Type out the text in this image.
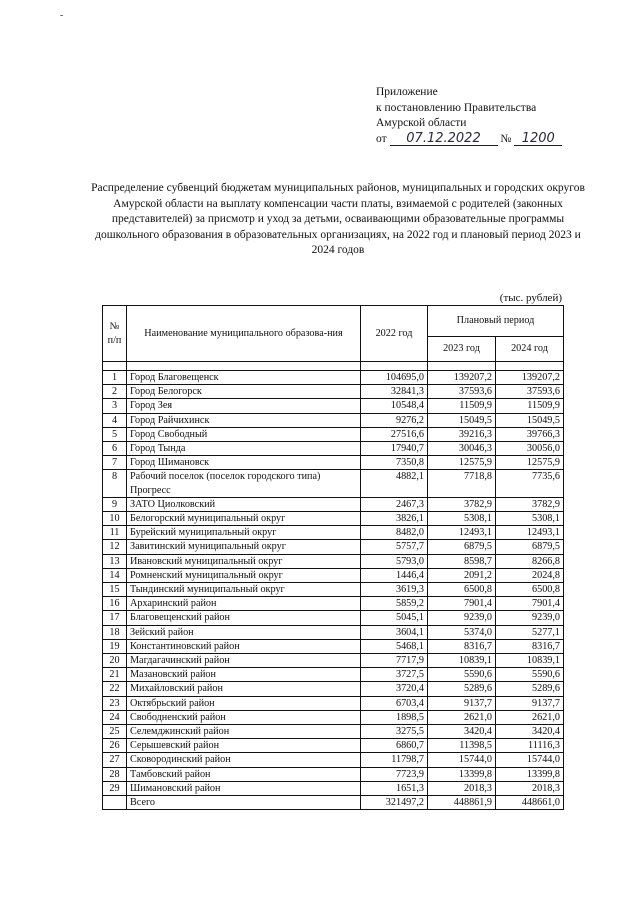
-
Приложение
к постановлению Правительства
Амурской области
от 07.12.2022 № 1200
Распределение субвенций бюджетам муниципальных районов, муниципальных и городских округов Амурской области на выплату компенсации части платы, взимаемой с родителей (законных представителей) за присмотр и уход за детьми, осваивающими образовательные программы дошкольного образования в образовательных организациях, на 2022 год и плановый период 2023 и 2024 годов
(тыс. рублей)
№ п/п	Наименование муниципального образова-ния	2022 год	Плановый период	
			2023 год	2024 год

1	Город Благовещенск	104695,0	139207,2	139207,2
2	Город Белогорск	32841,3	37593,6	37593,6
3	Город Зея	10548,4	11509,9	11509,9
4	Город Райчихинск	9276,2	15049,5	15049,5
5	Город Свободный	27516,6	39216,3	39766,3
6	Город Тында	17940,7	30046,3	30056,0
7	Город Шимановск	7350,8	12575,9	12575,9
8	Рабочий поселок (поселок городского типа) Прогресс	4882,1	7718,8	7735,6
9	ЗАТО Циолковский	2467,3	3782,9	3782,9
10	Белогорский муниципальный округ	3826,1	5308,1	5308,1
11	Бурейский муниципальный округ	8482,0	12493,1	12493,1
12	Завитинский муниципальный округ	5757,7	6879,5	6879,5
13	Ивановский муниципальный округ	5793,0	8598,7	8266,8
14	Ромненский муниципальный округ	1446,4	2091,2	2024,8
15	Тындинский муниципальный округ	3619,3	6500,8	6500,8
16	Архаринский район	5859,2	7901,4	7901,4
17	Благовещенский район	5045,1	9239,0	9239,0
18	Зейский район	3604,1	5374,0	5277,1
19	Константиновский район	5468,1	8316,7	8316,7
20	Магдагачинский район	7717,9	10839,1	10839,1
21	Мазановский район	3727,5	5590,6	5590,6
22	Михайловский район	3720,4	5289,6	5289,6
23	Октябрьский район	6703,4	9137,7	9137,7
24	Свободненский район	1898,5	2621,0	2621,0
25	Селемджинский район	3275,5	3420,4	3420,4
26	Серышевский район	6860,7	11398,5	11116,3
27	Сковородинский район	11798,7	15744,0	15744,0
28	Тамбовский район	7723,9	13399,8	13399,8
29	Шимановский район	1651,3	2018,3	2018,3
	Всего	321497,2	448861,9	448661,0
